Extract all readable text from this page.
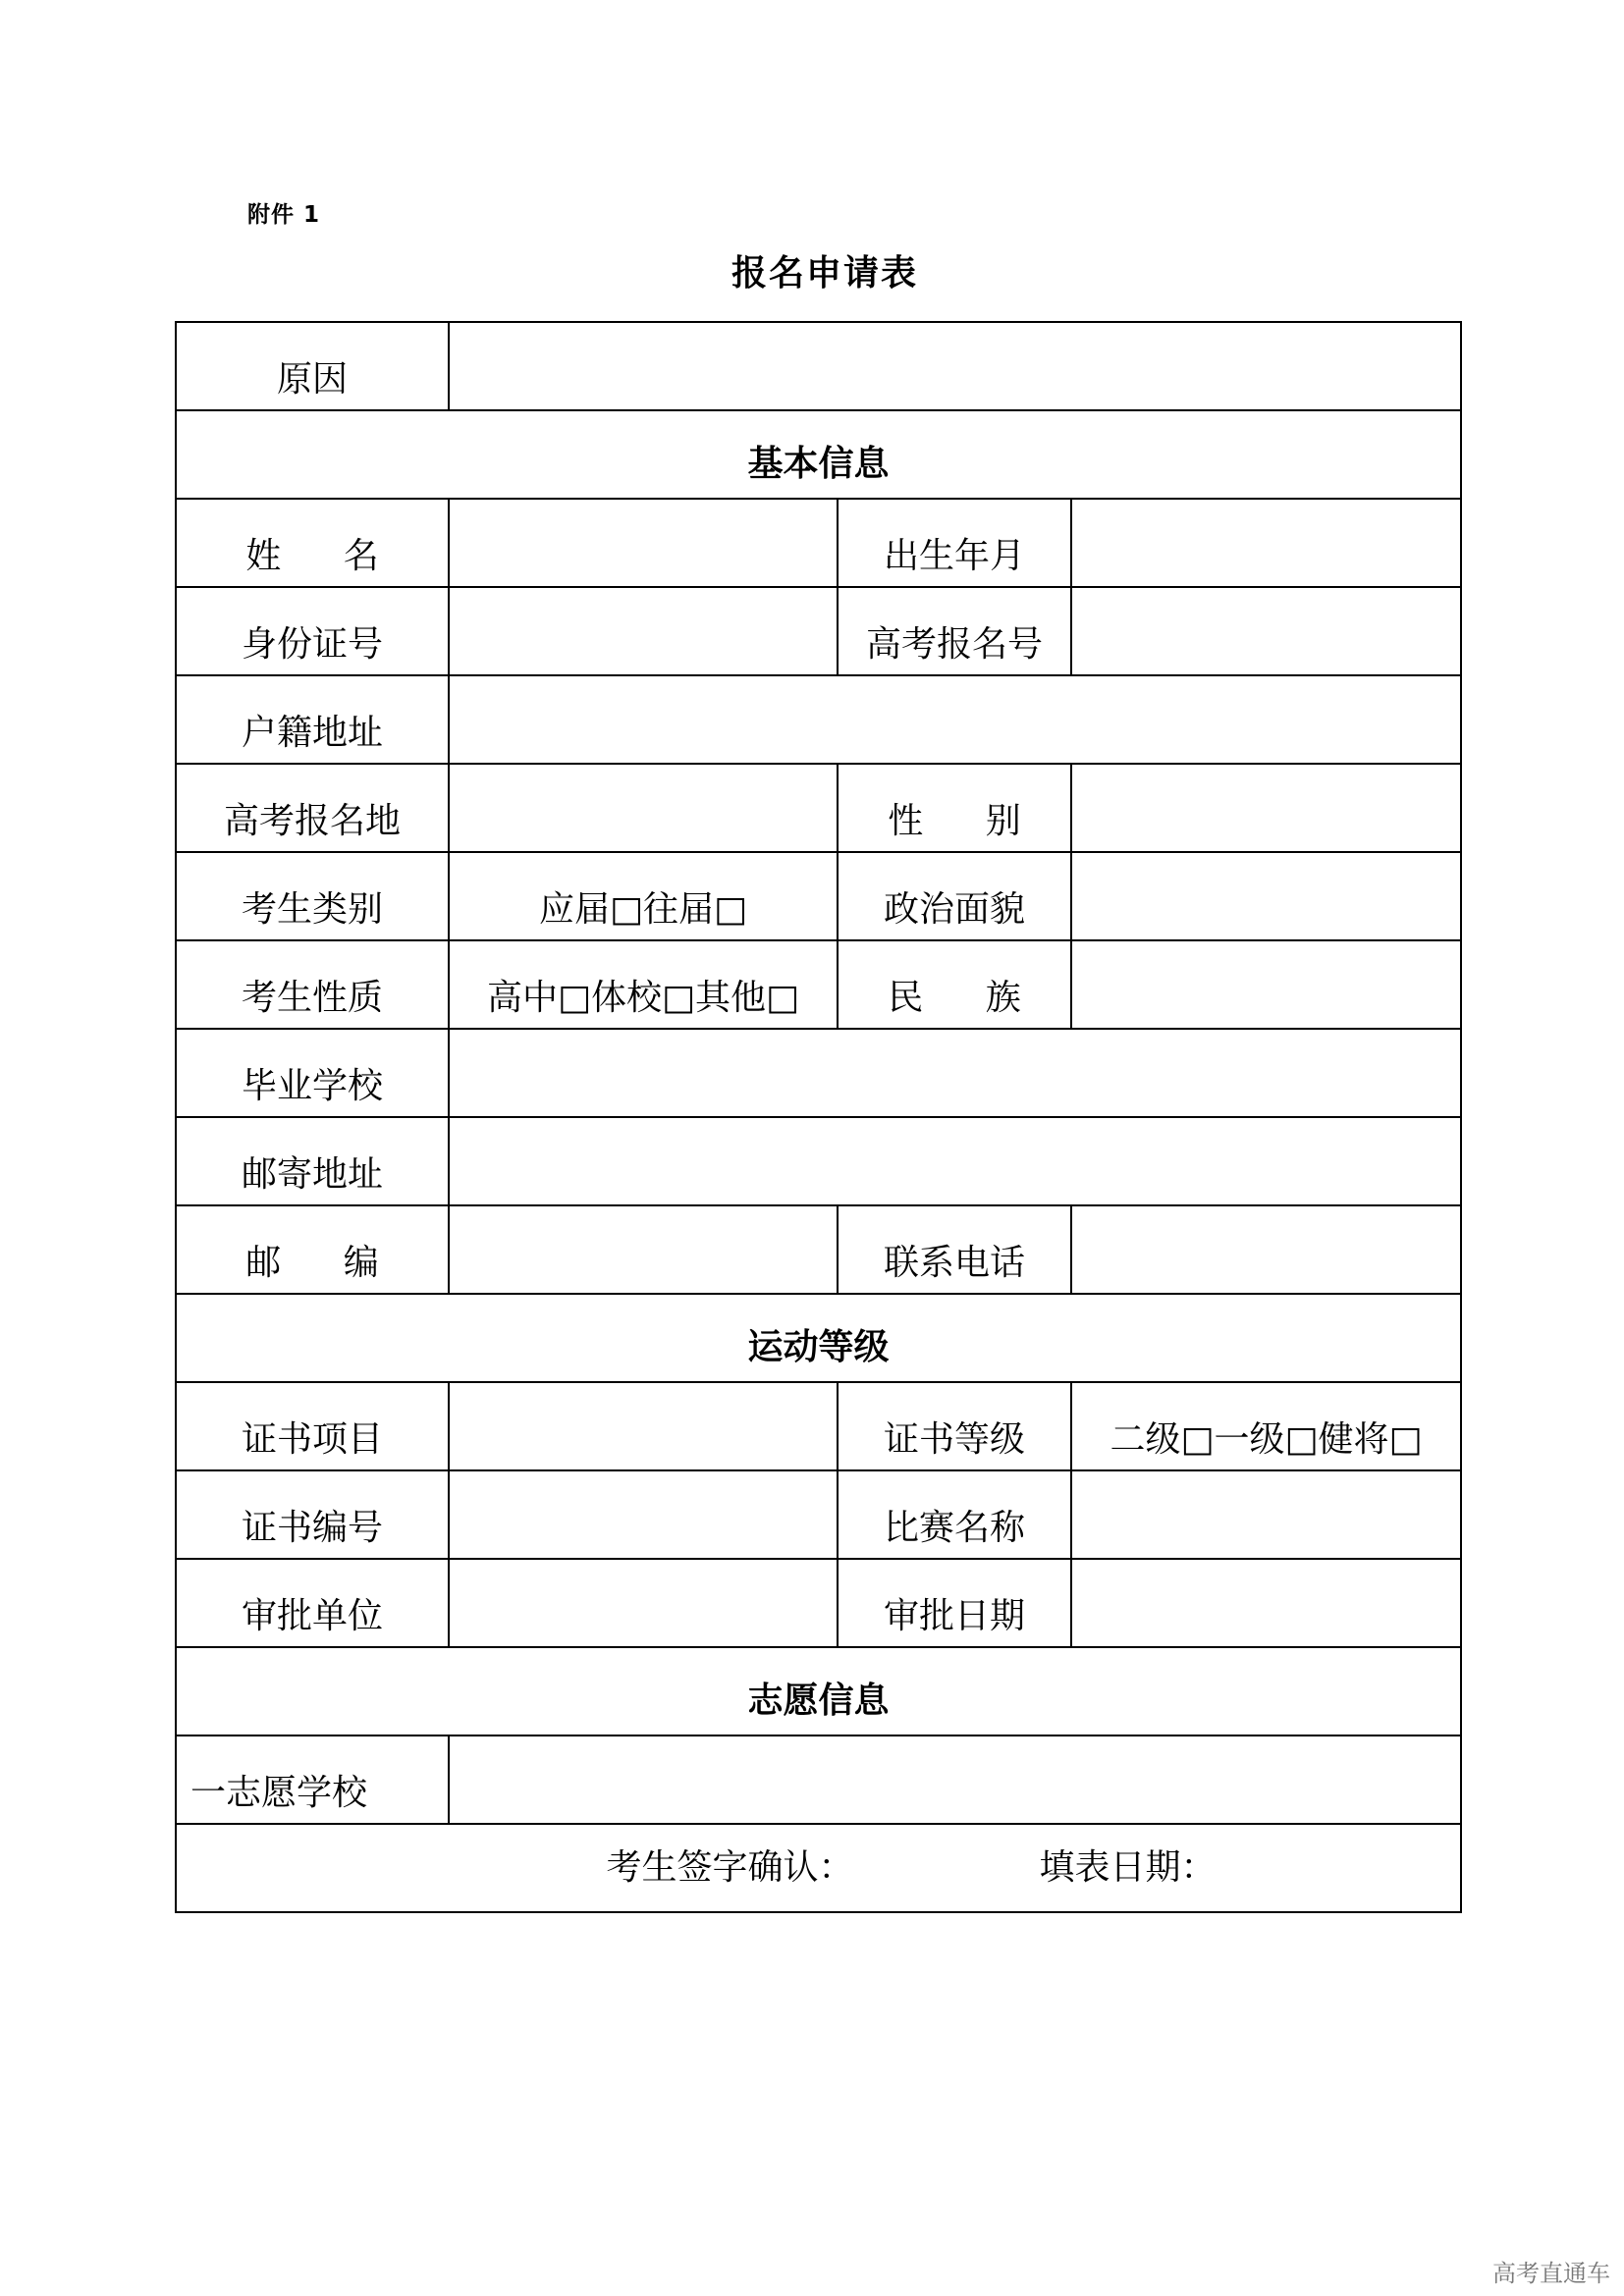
附件 1
报名申请表
原因			
基本信息			
姓 名		出生年月	
身份证号		高考报名号	
户籍地址			
高考报名地		性 别	
考生类别	应届□往届□	政治面貌	
考生性质	高中□体校□其他□	民 族	
毕业学校			
邮寄地址			
邮 编		联系电话	
运动等级			
证书项目		证书等级	二级□一级□健将□
证书编号		比赛名称	
审批单位		审批日期	
志愿信息			
一志愿学校			
考生签字确认： 填表日期：			
高考直通车
